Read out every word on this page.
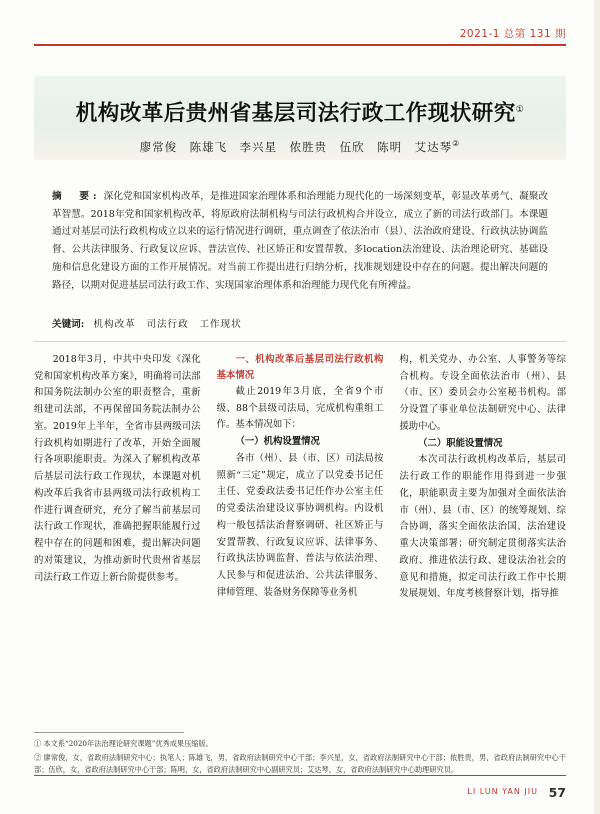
2021-1 总第 131 期
机构改革后贵州省基层司法行政工作现状研究①
廖常俊　陈雄飞　李兴星　侬胜贵　伍欣　陈明　艾达琴②
摘　要: 深化党和国家机构改革，是推进国家治理体系和治理能力现代化的一场深刻变革，彰显改革勇气、凝聚改革智慧。2018年党和国家机构改革，将原政府法制机构与司法行政机构合并设立，成立了新的司法行政部门。本课题通过对基层司法行政机构成立以来的运行情况进行调研，重点调查了依法治市（县）、法治政府建设、行政执法协调监督、公共法律服务、行政复议应诉、普法宣传、社区矫正和安置帮教、多location法治建设、法治理论研究、基础设施和信息化建设方面的工作开展情况。对当前工作提出进行归纳分析，找准规划建设中存在的问题。提出解决问题的路径，以期对促进基层司法行政工作、实现国家治理体系和治理能力现代化有所裨益。
关键词: 机构改革　司法行政　工作现状

2018年3月，中共中央印发《深化党和国家机构改革方案》，明确将司法部和国务院法制办公室的职责整合，重新组建司法部，不再保留国务院法制办公室。2019年上半年，全省市县两级司法行政机构如期进行了改革，开始全面履行各项职能职责。为深入了解机构改革后基层司法行政工作现状，本课题对机构改革后我省市县两级司法行政机构工作进行调查研究，充分了解当前基层司法行政工作现状，准确把握职能履行过程中存在的问题和困难，提出解决问题的对策建议，为推动新时代贵州省基层司法行政工作迈上新台阶提供参考。

一、机构改革后基层司法行政机构基本情况

截止2019年3月底，全省9个市级、88个县级司法局，完成机构重组工作。基本情况如下：

（一）机构设置情况

各市（州）、县（市、区）司法局按照新“三定”规定，成立了以党委书记任主任、党委政法委书记任作办公室主任的党委法治建设议事协调机构。内设机构一般包括法治督察调研、社区矫正与安置帮教、行政复议应诉、法律事务、行政执法协调监督、普法与依法治理、人民参与和促进法治、公共法律服务、律师管理、装备财务保障等业务机

构，机关党办、办公室、人事警务等综合机构。专设全面依法治市（州）、县（市、区）委员会办公室秘书机构。部分设置了事业单位法制研究中心、法律援助中心。

（二）职能设置情况

本次司法行政机构改革后，基层司法行政工作的职能作用得到进一步强化，职能职责主要为加强对全面依法治市（州）、县（市、区）的统筹规划、综合协调，落实全面依法治国、法治建设重大决策部署；研究制定贯彻落实法治政府、推进依法行政、建设法治社会的意见和措施，拟定司法行政工作中长期发展规划、年度考核督察计划，指导推

① 本文系“2020年法治理论研究课题”优秀成果压缩版。
② 廖常俊，女，省政府法制研究中心；执笔人；陈雄飞，男，省政府法制研究中心干部；李兴星，女，省政府法制研究中心干部；侬胜贵，男，省政府法制研究中心干部；伍欣，女，省政府法制研究中心干部；陈明，女，省政府法制研究中心副研究员；艾达琴，女，省政府法制研究中心助理研究员。
LI LUN YAN JIU 57
